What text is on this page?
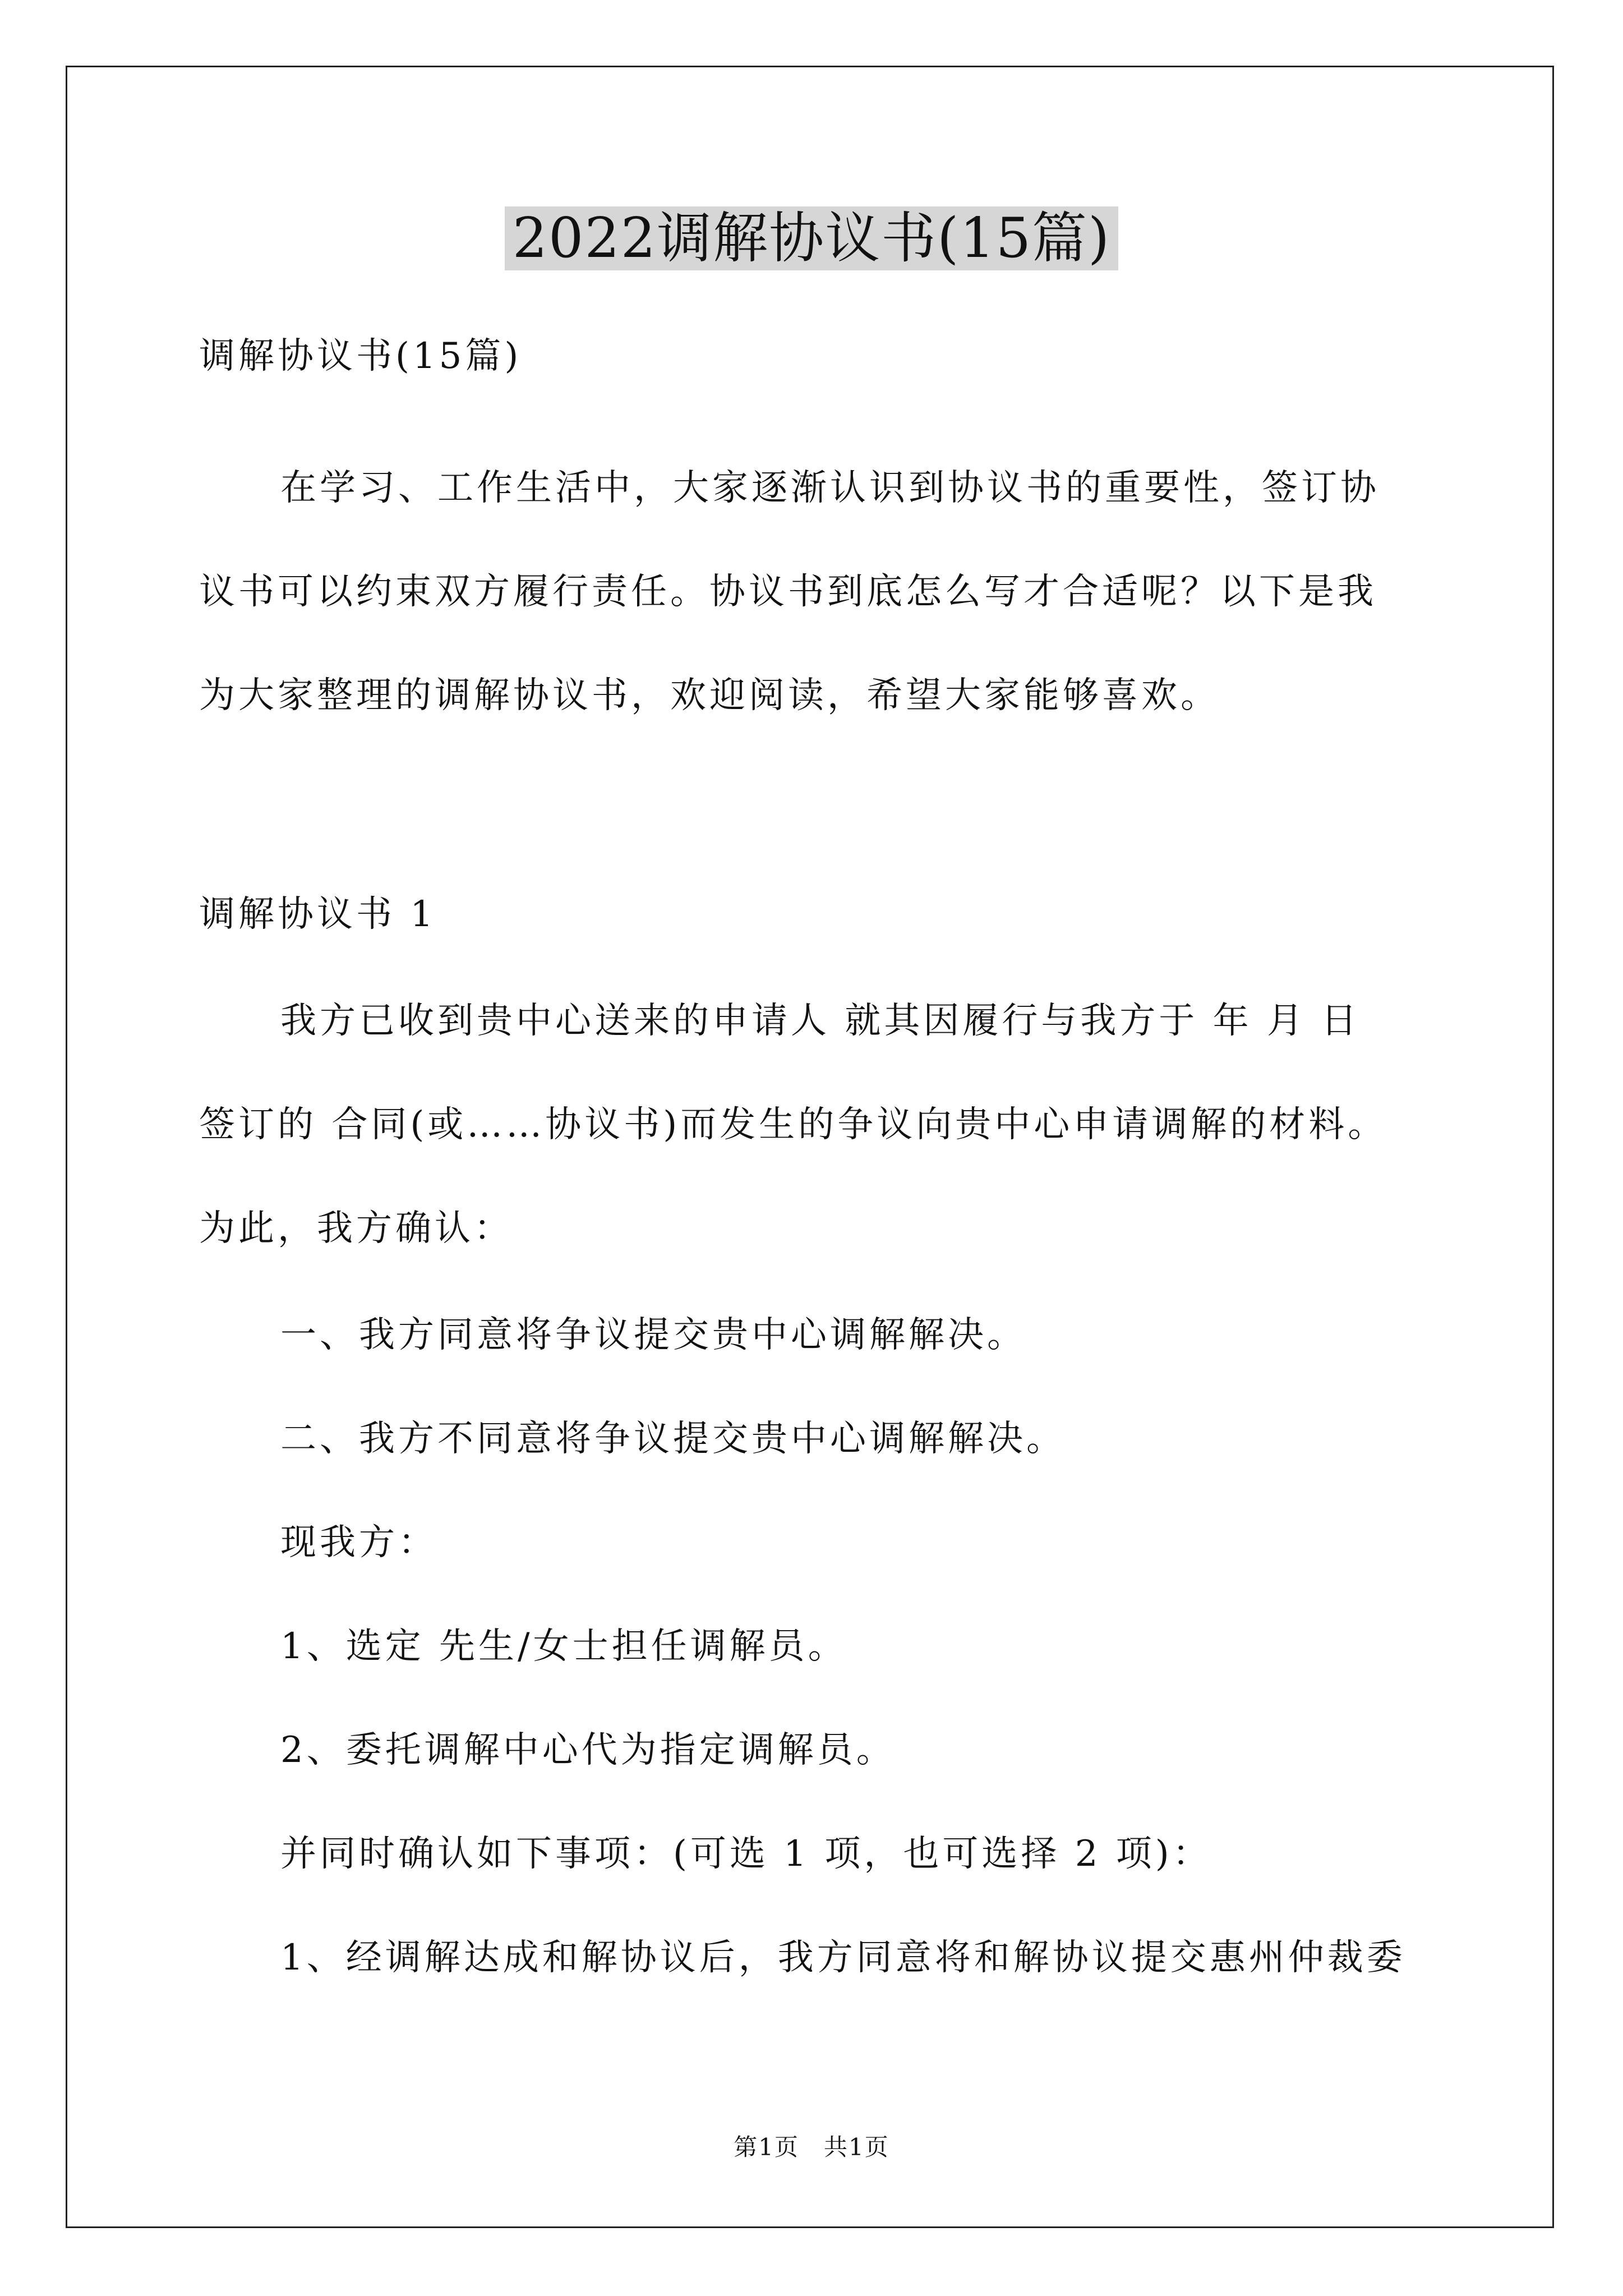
2022调解协议书(15篇)
调解协议书(15篇)
在学习、工作生活中，大家逐渐认识到协议书的重要性，签订协
议书可以约束双方履行责任。协议书到底怎么写才合适呢？以下是我
为大家整理的调解协议书，欢迎阅读，希望大家能够喜欢。
调解协议书 1
我方已收到贵中心送来的申请人 就其因履行与我方于 年 月 日
签订的 合同(或……协议书)而发生的争议向贵中心申请调解的材料。
为此，我方确认：
一、我方同意将争议提交贵中心调解解决。
二、我方不同意将争议提交贵中心调解解决。
现我方：
1、选定 先生/女士担任调解员。
2、委托调解中心代为指定调解员。
并同时确认如下事项：(可选 1 项，也可选择 2 项)：
1、经调解达成和解协议后，我方同意将和解协议提交惠州仲裁委
第1页　共1页
